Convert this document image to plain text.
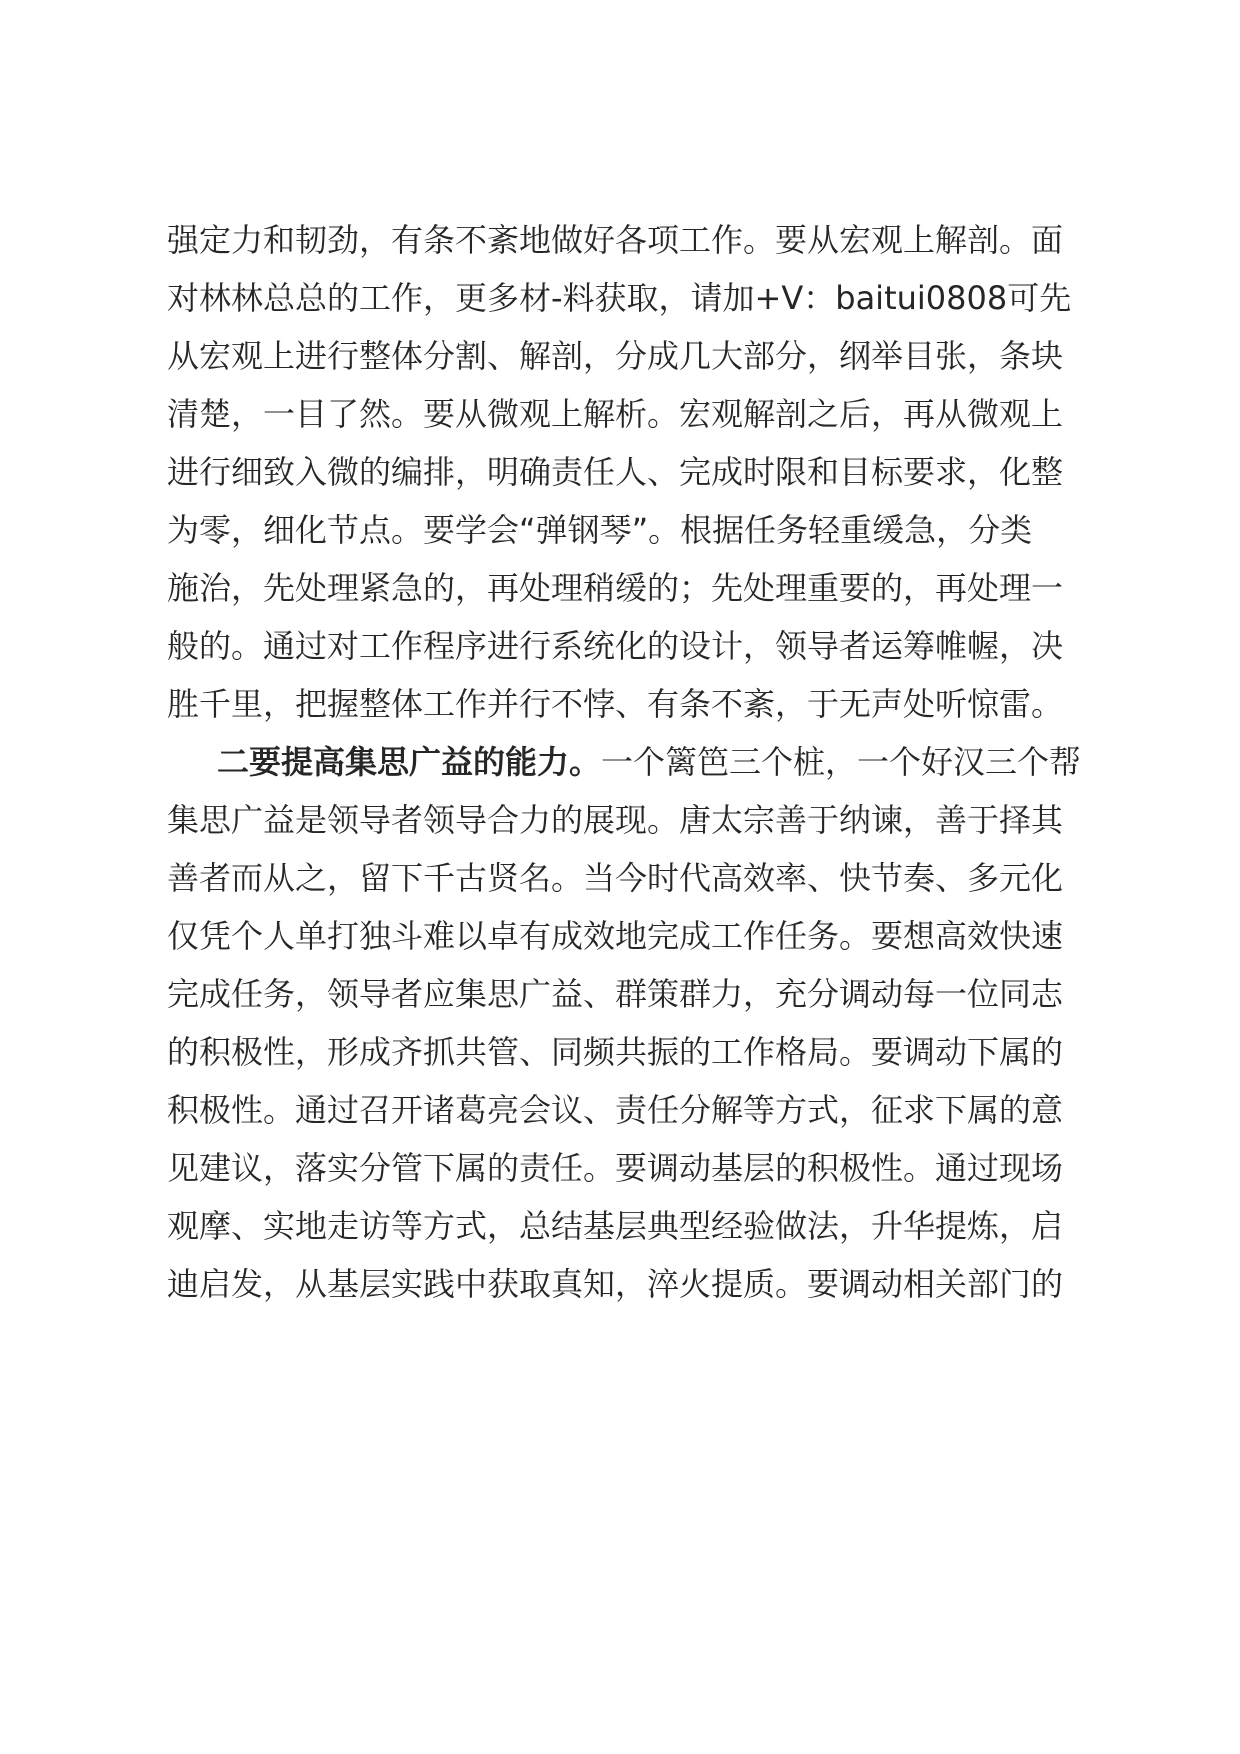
强定力和韧劲，有条不紊地做好各项工作。要从宏观上解剖。面
对林林总总的工作，更多材-料获取，请加+V：baitui0808可先
从宏观上进行整体分割、解剖，分成几大部分，纲举目张，条块
清楚，一目了然。要从微观上解析。宏观解剖之后，再从微观上
进行细致入微的编排，明确责任人、完成时限和目标要求，化整
为零，细化节点。要学会“弹钢琴”。根据任务轻重缓急，分类
施治，先处理紧急的，再处理稍缓的；先处理重要的，再处理一
般的。通过对工作程序进行系统化的设计，领导者运筹帷幄，决
胜千里，把握整体工作并行不悖、有条不紊，于无声处听惊雷。
二要提高集思广益的能力。一个篱笆三个桩，一个好汉三个帮
集思广益是领导者领导合力的展现。唐太宗善于纳谏，善于择其
善者而从之，留下千古贤名。当今时代高效率、快节奏、多元化
仅凭个人单打独斗难以卓有成效地完成工作任务。要想高效快速
完成任务，领导者应集思广益、群策群力，充分调动每一位同志
的积极性，形成齐抓共管、同频共振的工作格局。要调动下属的
积极性。通过召开诸葛亮会议、责任分解等方式，征求下属的意
见建议，落实分管下属的责任。要调动基层的积极性。通过现场
观摩、实地走访等方式，总结基层典型经验做法，升华提炼，启
迪启发，从基层实践中获取真知，淬火提质。要调动相关部门的
